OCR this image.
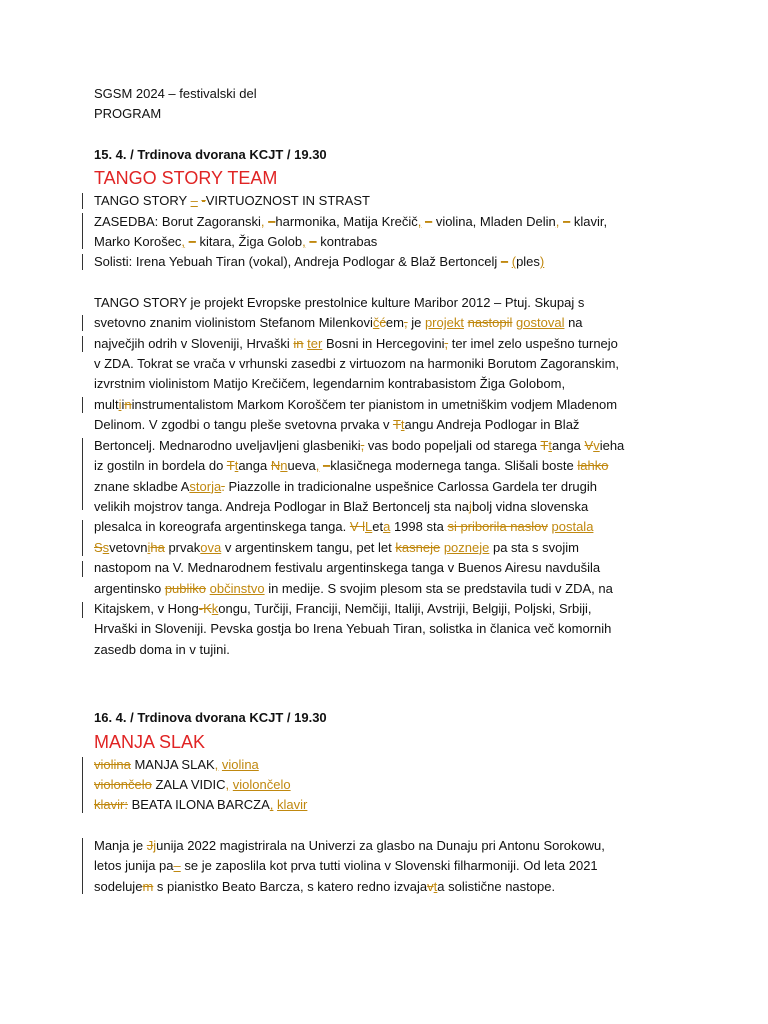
SGSM 2024 – festivalski del
PROGRAM
15. 4. / Trdinova dvorana KCJT / 19.30
TANGO STORY TEAM
TANGO STORY – -VIRTUOZNOST IN STRAST
ZASEDBA: Borut Zagoranski, –harmonika, Matija Krečič, – violina, Mladen Delin, – klavir,
Marko Korošec, – kitara, Žiga Golob, – kontrabas
Solisti: Irena Yebuah Tiran (vokal), Andreja Podlogar & Blaž Bertoncelj – (ples)
TANGO STORY je projekt Evropske prestolnice kulture Maribor 2012 – Ptuj. Skupaj s
svetovno znanim violinistom Stefanom Milenkovičćem, je projekt nastopil gostoval na
največjih odrih v Sloveniji, Hrvaški in ter Bosni in Hercegovini, ter imel zelo uspešno turnejo
v ZDA. Tokrat se vrača v vrhunski zasedbi z virtuozom na harmoniki Borutom Zagoranskim,
izvrstnim violinistom Matijo Krečičem, legendarnim kontrabasistom Žiga Golobom,
multiininstrumentalistom Markom Koroščem ter pianistom in umetniškim vodjem Mladenom
Delinom. V zgodbi o tangu pleše svetovna prvaka v Ttangu Andreja Podlogar in Blaž
Bertoncelj. Mednarodno uveljavljeni glasbeniki, vas bodo popeljali od starega Ttanga Vvieha
iz gostiln in bordela do Ttanga Nnueva, –klasičnega modernega tanga. Slišali boste lahko
znane skladbe Astorja. Piazzolle in tradicionalne uspešnice Carlossa Gardela ter drugih
velikih mojstrov tanga. Andreja Podlogar in Blaž Bertoncelj sta najbolj vidna slovenska
plesalca in koreografa argentinskega tanga. V lLeta 1998 sta si priborila naslov postala
Ssvetovniha prvakova v argentinskem tangu, pet let kasneje pozneje pa sta s svojim
nastopom na V. Mednarodnem festivalu argentinskega tanga v Buenos Airesu navdušila
argentinsko publiko občinstvo in medije. S svojim plesom sta se predstavila tudi v ZDA, na
Kitajskem, v Hong-Kkongu, Turčiji, Franciji, Nemčiji, Italiji, Avstriji, Belgiji, Poljski, Srbiji,
Hrvaški in Sloveniji. Pevska gostja bo Irena Yebuah Tiran, solistka in članica več komornih
zasedb doma in v tujini.
16. 4. / Trdinova dvorana KCJT / 19.30
MANJA SLAK
violina MANJA SLAK, violina
violončelo ZALA VIDIC, violončelo
klavir: BEATA ILONA BARCZA, klavir
Manja je Jjunija 2022 magistrirala na Univerzi za glasbo na Dunaju pri Antonu Sorokowu,
letos junija pa– se je zaposlila kot prva tutti violina v Slovenski filharmoniji. Od leta 2021
sodelujem s pianistko Beato Barcza, s katero redno izvajavta solistične nastope.
